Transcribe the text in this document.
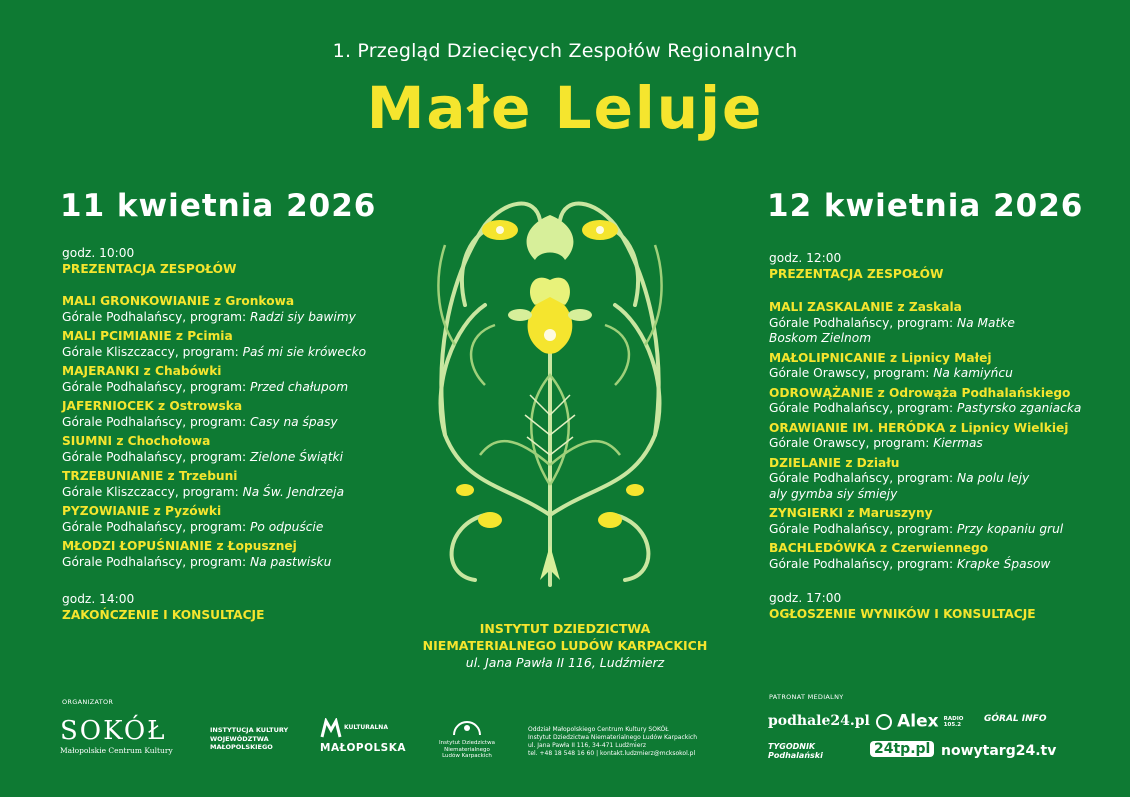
1. Przegląd Dziecięcych Zespołów Regionalnych
Małe Leluje
11 kwietnia 2026	12 kwietnia 2026
godz. 10:00
PREZENTACJA ZESPOŁÓW
MALI GRONKOWIANIE z Gronkowa
Górale Podhalańscy, program: Radzi siy bawimy
MALI PCIMIANIE z Pcimia
Górale Kliszczaccy, program: Paś mi sie krówecko
MAJERANKI z Chabówki
Górale Podhalańscy, program: Przed chałupom
JAFERNIOCEK z Ostrowska
Górale Podhalańscy, program: Casy na śpasy
SIUMNI z Chochołowa
Górale Podhalańscy, program: Zielone Świątki
TRZEBUNIANIE z Trzebuni
Górale Kliszczaccy, program: Na Św. Jendrzeja
PYZOWIANIE z Pyzówki
Górale Podhalańscy, program: Po odpuście
MŁODZI ŁOPUŚNIANIE z Łopusznej
Górale Podhalańscy, program: Na pastwisku
godz. 14:00
ZAKOŃCZENIE I KONSULTACJE
godz. 12:00
PREZENTACJA ZESPOŁÓW
MALI ZASKALANIE z Zaskala
Górale Podhalańscy, program: Na Matke
Boskom Zielnom
MAŁOLIPNICANIE z Lipnicy Małej
Górale Orawscy, program: Na kamiyńcu
ODROWĄŻANIE z Odrowąża Podhalańskiego
Górale Podhalańscy, program: Pastyrsko zganiacka
ORAWIANIE IM. HERÓDKA z Lipnicy Wielkiej
Górale Orawscy, program: Kiermas
DZIELANIE z Działu
Górale Podhalańscy, program: Na polu lejy
aly gymba siy śmiejy
ZYNGIERKI z Maruszyny
Górale Podhalańscy, program: Przy kopaniu grul
BACHLEDÓWKA z Czerwiennego
Górale Podhalańscy, program: Krapke Śpasow
godz. 17:00
OGŁOSZENIE WYNIKÓW I KONSULTACJE
INSTYTUT DZIEDZICTWA
NIEMATERIALNEGO LUDÓW KARPACKICH
ul. Jana Pawła II 116, Ludźmierz
ORGANIZATOR
SOKÓŁ
Małopolskie Centrum Kultury
INSTYTUCJA KULTURY
WOJEWÓDZTWA
MAŁOPOLSKIEGO
KULTURALNA
MAŁOPOLSKA	Instytut Dziedzictwa
Niematerialnego
Ludów Karpackich
Oddział Małopolskiego Centrum Kultury SOKÓŁ
Instytut Dziedzictwa Niematerialnego Ludów Karpackich
ul. Jana Pawła II 116, 34-471 Ludźmierz
tel. +48 18 548 16 60 | kontakt.ludzmierz@mcksokol.pl
PATRONAT MEDIALNY
podhale24.pl	Alex RADIO 105.2
GÓRAL INFO
TYGODNIK Podhalański	24tp.pl nowytarg24.tv
